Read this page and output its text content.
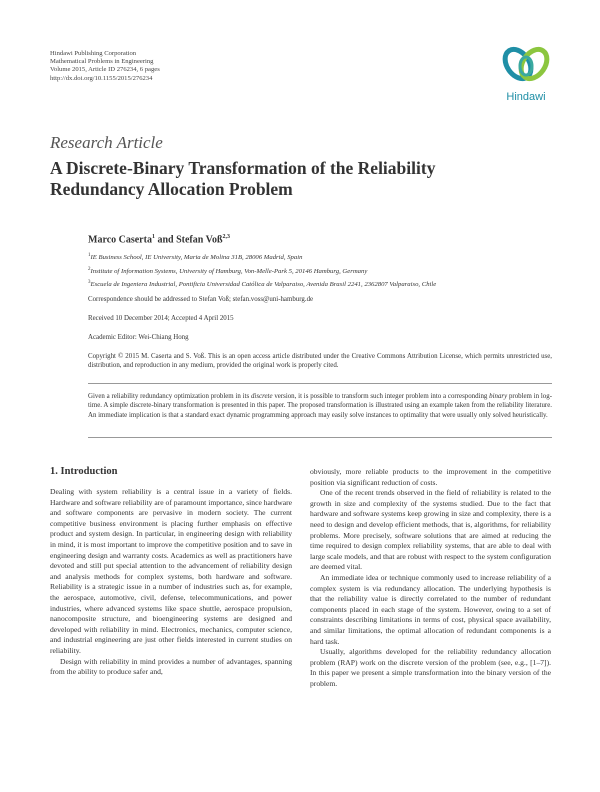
Hindawi Publishing Corporation
Mathematical Problems in Engineering
Volume 2015, Article ID 276234, 6 pages
http://dx.doi.org/10.1155/2015/276234
Hindawi
Research Article
A Discrete-Binary Transformation of the Reliability Redundancy Allocation Problem
Marco Caserta$^1$ and Stefan Voß$^{2,3}$
$^1$IE Business School, IE University, Maria de Molina 31B, 28006 Madrid, Spain
$^2$Institute of Information Systems, University of Hamburg, Von-Melle-Park 5, 20146 Hamburg, Germany
$^3$Escuela de Ingeniera Industrial, Pontificia Universidad Católica de Valparaiso, Avenida Brasil 2241, 2362807 Valparaiso, Chile
Correspondence should be addressed to Stefan Voß; stefan.voss@uni-hamburg.de
Received 10 December 2014; Accepted 4 April 2015
Academic Editor: Wei-Chiang Hong
Copyright © 2015 M. Caserta and S. Voß. This is an open access article distributed under the Creative Commons Attribution License, which permits unrestricted use, distribution, and reproduction in any medium, provided the original work is properly cited.
Given a reliability redundancy optimization problem in its discrete version, it is possible to transform such integer problem into a corresponding binary problem in log-time. A simple discrete-binary transformation is presented in this paper. The proposed transformation is illustrated using an example taken from the reliability literature. An immediate implication is that a standard exact dynamic programming approach may easily solve instances to optimality that were usually only solved heuristically.
1. Introduction

Dealing with system reliability is a central issue in a variety of fields. Hardware and software reliability are of paramount importance, since hardware and software components are pervasive in modern society. The current competitive business environment is placing further emphasis on effective product and system design. In particular, in engineering design with reliability in mind, it is most important to improve the competitive position and to save in engineering design and warranty costs. Academics as well as practitioners have devoted and still put special attention to the advancement of reliability design and analysis methods for complex systems, both hardware and software. Reliability is a strategic issue in a number of industries such as, for example, the aerospace, automotive, civil, defense, telecommunications, and power industries, where advanced systems like space shuttle, aerospace propulsion, nanocomposite structure, and bioengineering systems are designed and developed with reliability in mind. Electronics, mechanics, computer science, and industrial engineering are just other fields interested in current studies on reliability.

Design with reliability in mind provides a number of advantages, spanning from the ability to produce safer and,

obviously, more reliable products to the improvement in the competitive position via significant reduction of costs.

One of the recent trends observed in the field of reliability is related to the growth in size and complexity of the systems studied. Due to the fact that hardware and software systems keep growing in size and complexity, there is a need to design and develop efficient methods, that is, algorithms, for reliability problems. More precisely, software solutions that are aimed at reducing the time required to design complex reliability systems, that are able to deal with large scale models, and that are robust with respect to the system configuration are deemed vital.

An immediate idea or technique commonly used to increase reliability of a complex system is via redundancy allocation. The underlying hypothesis is that the reliability value is directly correlated to the number of redundant components placed in each stage of the system. However, owing to a set of constraints describing limitations in terms of cost, physical space availability, and similar limitations, the optimal allocation of redundant components is a hard task.

Usually, algorithms developed for the reliability redundancy allocation problem (RAP) work on the discrete version of the problem (see, e.g., [1–7]). In this paper we present a simple transformation into the binary version of the problem.
